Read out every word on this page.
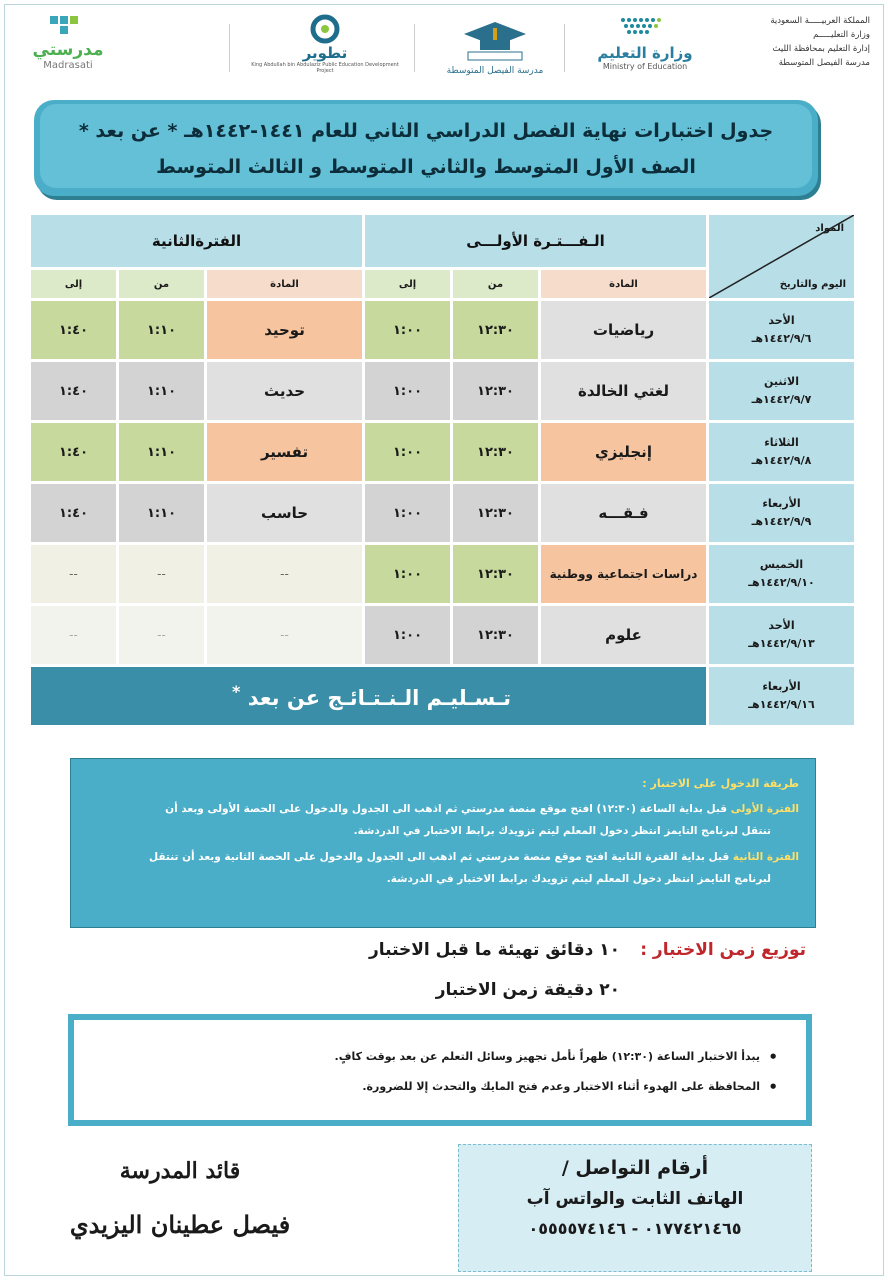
المملكة العربيـــــة السعودية
وزارة التعليـــــم
إدارة التعليم بمحافظة الليث
مدرسة الفيصل المتوسطة
وزارة التعليم
Ministry of Education
مدرسة الفيصل المتوسطة
تطوير
King Abdullah bin Abdulaziz Public Education Development Project
مدرستي
Madrasati
جدول اختبارات نهاية الفصل الدراسي الثاني للعام ١٤٤١-١٤٤٢هـ * عن بعد *
الصف الأول المتوسط والثاني المتوسط و الثالث المتوسط
المواد
اليوم والتاريخ	الـفـــتـرة الأولـــى			الفترةالثانية		
	المادة	من	إلى	المادة	من	إلى

الأحد
١٤٤٢/٩/٦هـ	رياضيات	١٢:٣٠	١:٠٠	توحيد	١:١٠	١:٤٠

الاثنين
١٤٤٢/٩/٧هـ	لغتي الخالدة	١٢:٣٠	١:٠٠	حديث	١:١٠	١:٤٠

الثلاثاء
١٤٤٢/٩/٨هـ	إنجليزي	١٢:٣٠	١:٠٠	تفسير	١:١٠	١:٤٠

الأربعاء
١٤٤٢/٩/٩هـ	فـقـــه	١٢:٣٠	١:٠٠	حاسب	١:١٠	١:٤٠

الخميس
١٤٤٢/٩/١٠هـ	دراسات اجتماعية ووطنية	١٢:٣٠	١:٠٠	--	--	--

الأحد
١٤٤٢/٩/١٣هـ	علوم	١٢:٣٠	١:٠٠	--	--	--

الأربعاء
١٤٤٢/٩/١٦هـ	تـسـليـم الـنـتـائـج عن بعد *
طريقة الدخول على الاختبار :
الفترة الأولى قبل بداية الساعة (١٢:٣٠) افتح موقع منصة مدرستي ثم اذهب الى الجدول والدخول على الحصة الأولى وبعد أن
تنتقل لبرنامج التايمز انتظر دخول المعلم ليتم تزويدك برابط الاختبار في الدردشة.
الفترة الثانية قبل بداية الفترة الثانية افتح موقع منصة مدرستي ثم اذهب الى الجدول والدخول على الحصة الثانية وبعد أن تنتقل
لبرنامج التايمز انتظر دخول المعلم ليتم تزويدك برابط الاختبار في الدردشة.
توزيع زمن الاختبار :
١٠ دقائق تهيئة ما قبل الاختبار
٢٠ دقيقة زمن الاختبار
• يبدأ الاختبار الساعة (١٢:٣٠) ظهراً نأمل تجهيز وسائل التعلم عن بعد بوقت كافٍ.
• المحافظة على الهدوء أثناء الاختبار وعدم فتح المايك والتحدث إلا للضرورة.
أرقام التواصل /
الهاتف الثابت والواتس آب
٠١٧٧٤٢١٤٦٥ - ٠٥٥٥٥٧٤١٤٦
قائد المدرسة
فيصل عطينان اليزيدي
